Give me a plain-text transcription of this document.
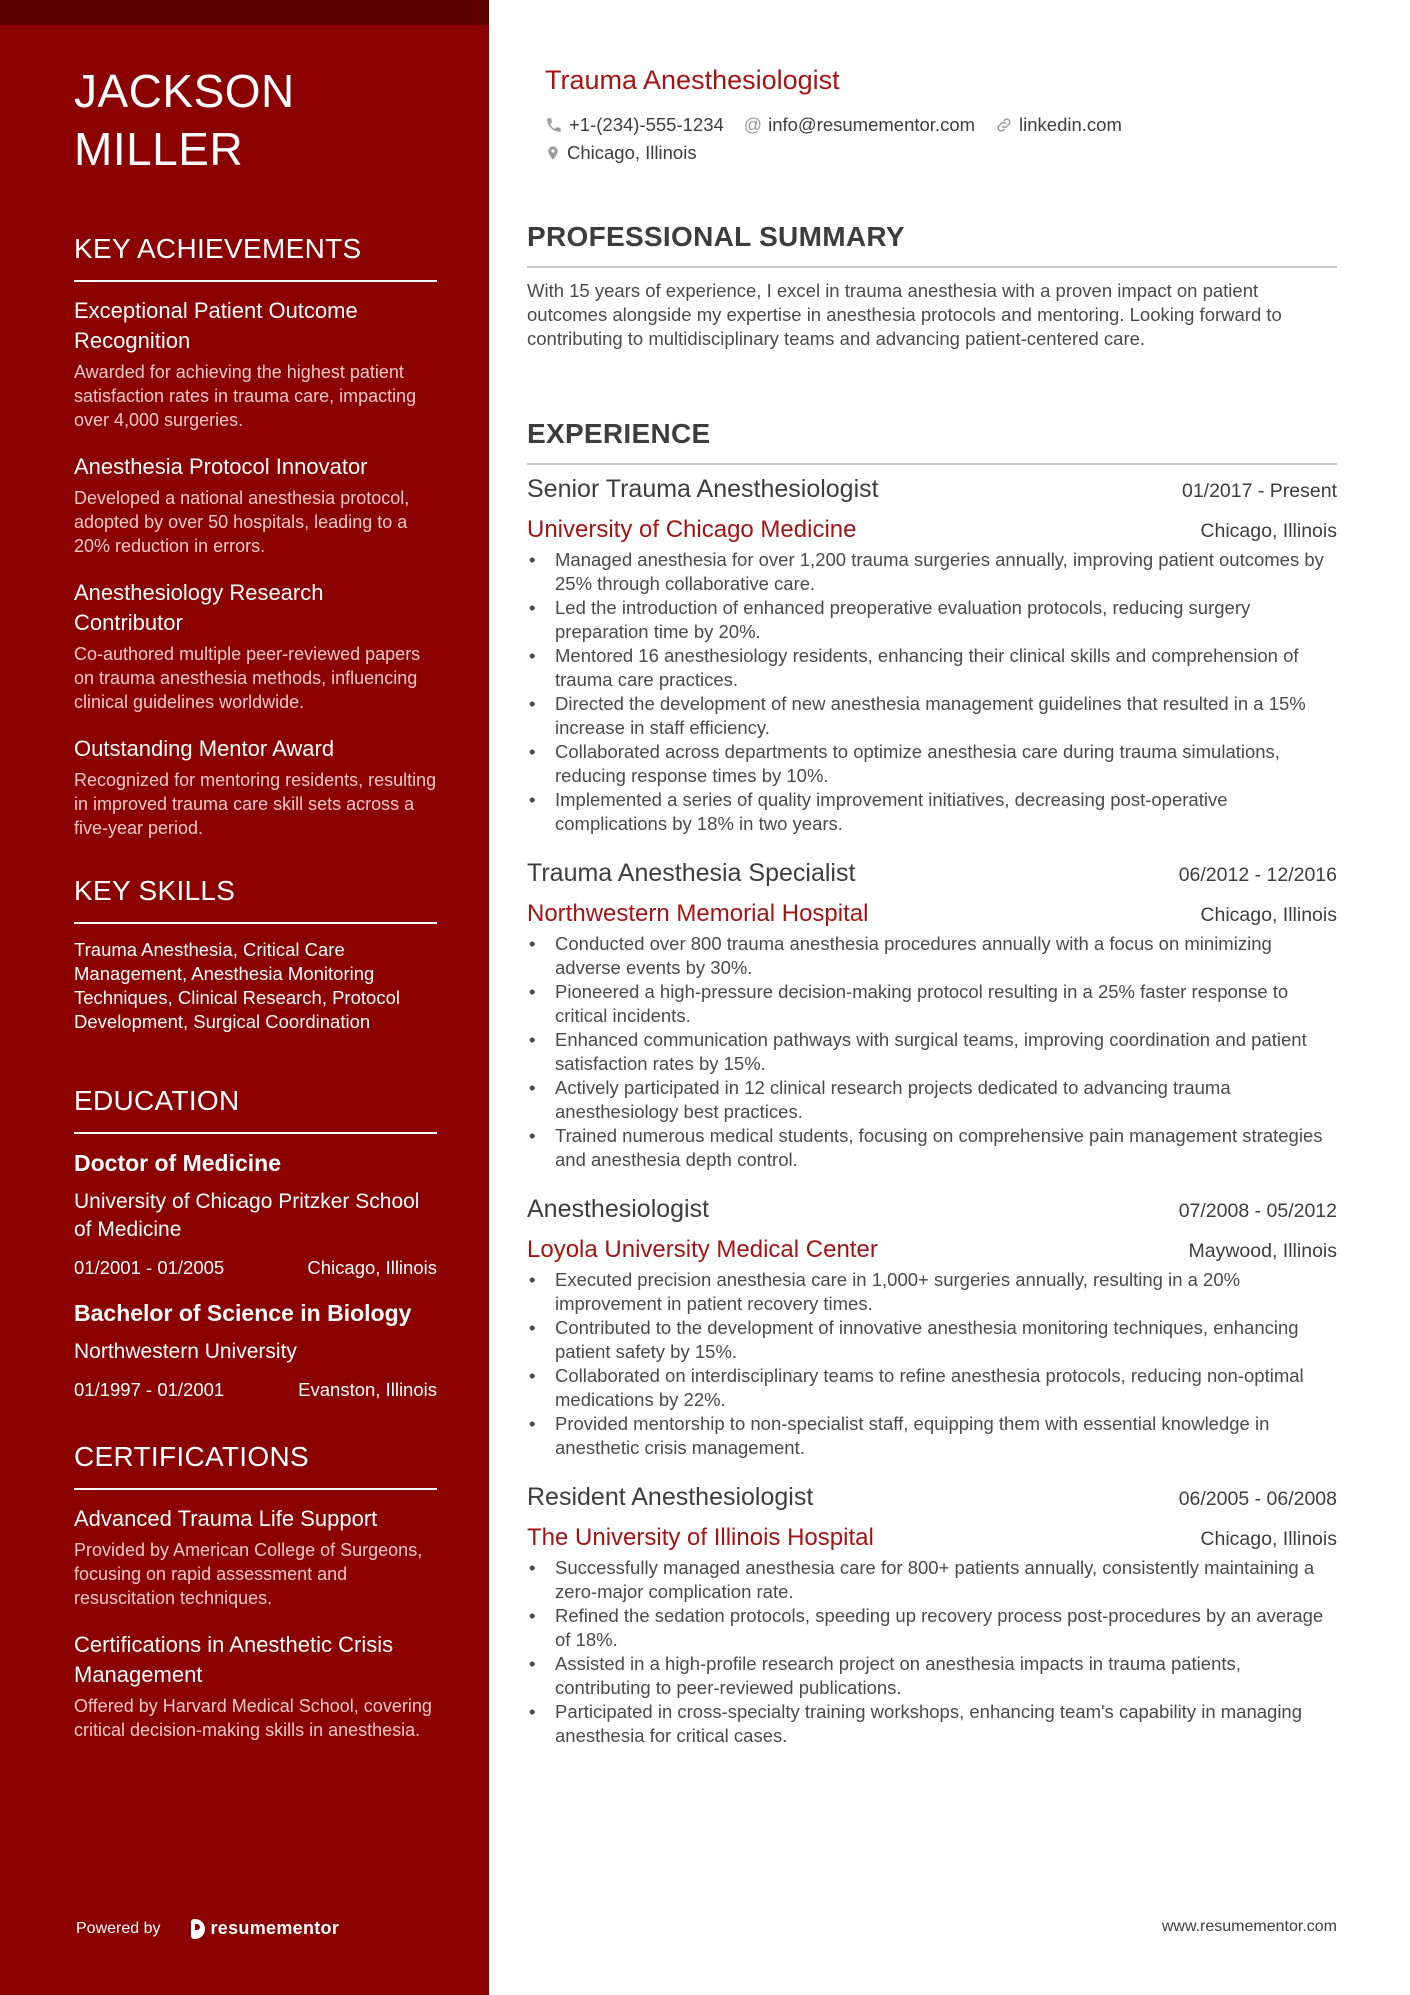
JACKSON
MILLER
KEY ACHIEVEMENTS
Exceptional Patient Outcome Recognition
Awarded for achieving the highest patient satisfaction rates in trauma care, impacting over 4,000 surgeries.
Anesthesia Protocol Innovator
Developed a national anesthesia protocol, adopted by over 50 hospitals, leading to a 20% reduction in errors.
Anesthesiology Research Contributor
Co-authored multiple peer-reviewed papers on trauma anesthesia methods, influencing clinical guidelines worldwide.
Outstanding Mentor Award
Recognized for mentoring residents, resulting in improved trauma care skill sets across a five-year period.
KEY SKILLS
Trauma Anesthesia, Critical Care Management, Anesthesia Monitoring Techniques, Clinical Research, Protocol Development, Surgical Coordination
EDUCATION
Doctor of Medicine
University of Chicago Pritzker School of Medicine
01/2001 - 01/2005	Chicago, Illinois
Bachelor of Science in Biology
Northwestern University
01/1997 - 01/2001	Evanston, Illinois
CERTIFICATIONS
Advanced Trauma Life Support
Provided by American College of Surgeons, focusing on rapid assessment and resuscitation techniques.
Certifications in Anesthetic Crisis Management
Offered by Harvard Medical School, covering critical decision-making skills in anesthesia.
Powered by	resumementor
Trauma Anesthesiologist
+1-(234)-555-1234 @ info@resumementor.com linkedin.com
Chicago, Illinois
PROFESSIONAL SUMMARY

With 15 years of experience, I excel in trauma anesthesia with a proven impact on patient outcomes alongside my expertise in anesthesia protocols and mentoring. Looking forward to contributing to multidisciplinary teams and advancing patient-centered care.

EXPERIENCE
Senior Trauma Anesthesiologist	01/2017 - Present
University of Chicago Medicine	Chicago, Illinois
• Managed anesthesia for over 1,200 trauma surgeries annually, improving patient outcomes by 25% through collaborative care.
• Led the introduction of enhanced preoperative evaluation protocols, reducing surgery preparation time by 20%.
• Mentored 16 anesthesiology residents, enhancing their clinical skills and comprehension of trauma care practices.
• Directed the development of new anesthesia management guidelines that resulted in a 15% increase in staff efficiency.
• Collaborated across departments to optimize anesthesia care during trauma simulations, reducing response times by 10%.
• Implemented a series of quality improvement initiatives, decreasing post-operative complications by 18% in two years.
Trauma Anesthesia Specialist	06/2012 - 12/2016
Northwestern Memorial Hospital	Chicago, Illinois
• Conducted over 800 trauma anesthesia procedures annually with a focus on minimizing adverse events by 30%.
• Pioneered a high-pressure decision-making protocol resulting in a 25% faster response to critical incidents.
• Enhanced communication pathways with surgical teams, improving coordination and patient satisfaction rates by 15%.
• Actively participated in 12 clinical research projects dedicated to advancing trauma anesthesiology best practices.
• Trained numerous medical students, focusing on comprehensive pain management strategies and anesthesia depth control.
Anesthesiologist	07/2008 - 05/2012
Loyola University Medical Center	Maywood, Illinois
• Executed precision anesthesia care in 1,000+ surgeries annually, resulting in a 20% improvement in patient recovery times.
• Contributed to the development of innovative anesthesia monitoring techniques, enhancing patient safety by 15%.
• Collaborated on interdisciplinary teams to refine anesthesia protocols, reducing non-optimal medications by 22%.
• Provided mentorship to non-specialist staff, equipping them with essential knowledge in anesthetic crisis management.
Resident Anesthesiologist	06/2005 - 06/2008
The University of Illinois Hospital	Chicago, Illinois
• Successfully managed anesthesia care for 800+ patients annually, consistently maintaining a zero-major complication rate.
• Refined the sedation protocols, speeding up recovery process post-procedures by an average of 18%.
• Assisted in a high-profile research project on anesthesia impacts in trauma patients, contributing to peer-reviewed publications.
• Participated in cross-specialty training workshops, enhancing team's capability in managing anesthesia for critical cases.
www.resumementor.com
